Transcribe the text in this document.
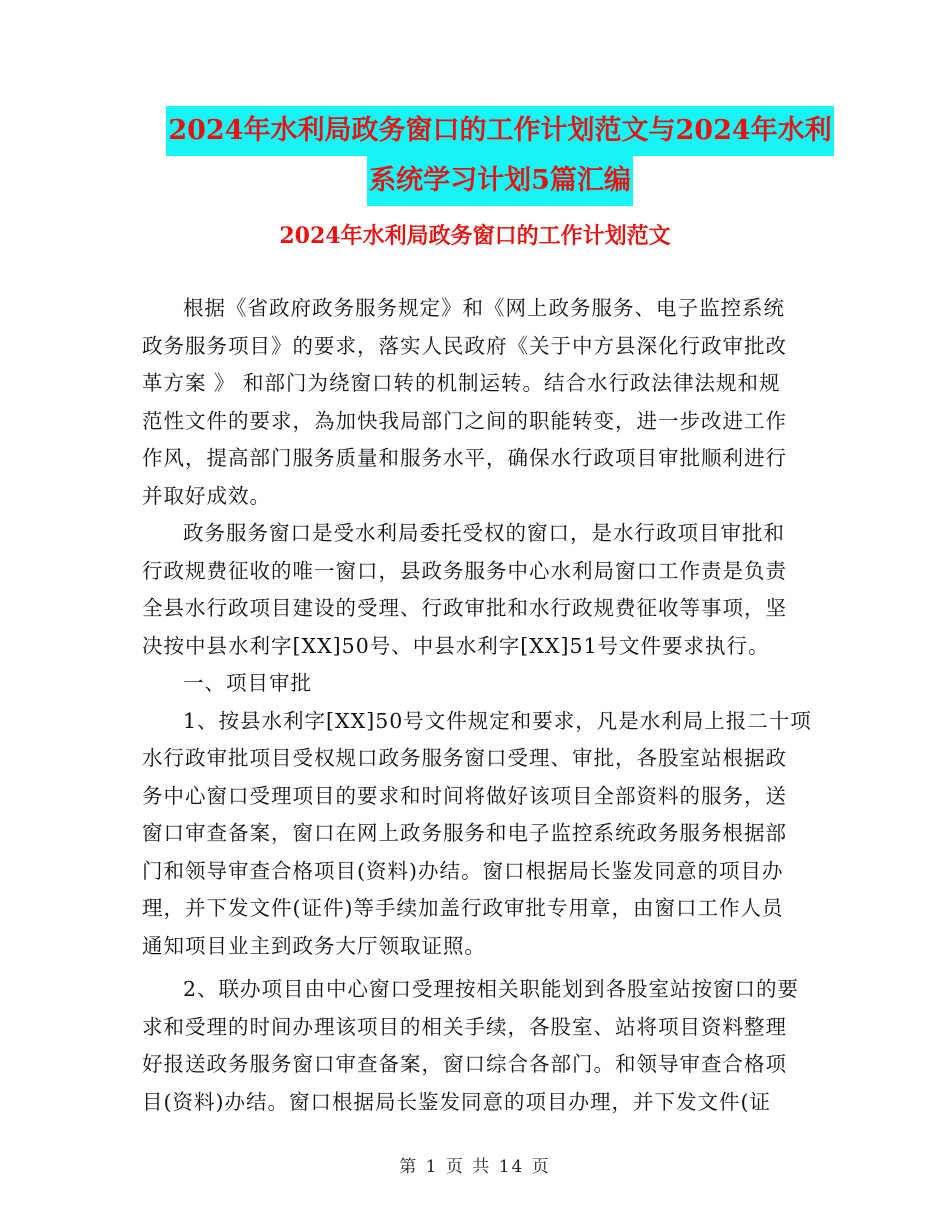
2024年水利局政务窗口的工作计划范文与2024年水利
系统学习计划5篇汇编
2024年水利局政务窗口的工作计划范文
根据《省政府政务服务规定》和《网上政务服务、电子监控系统
政务服务项目》的要求，落实人民政府《关于中方县深化行政审批改
革方案 》 和部门为绕窗口转的机制运转。结合水行政法律法规和规
范性文件的要求，為加快我局部门之间的职能转变，进一步改进工作
作风，提高部门服务质量和服务水平，确保水行政项目审批顺利进行
并取好成效。
政务服务窗口是受水利局委托受权的窗口，是水行政项目审批和
行政规费征收的唯一窗口，县政务服务中心水利局窗口工作责是负责
全县水行政项目建设的受理、行政审批和水行政规费征收等事项，坚
决按中县水利字[XX]50号、中县水利字[XX]51号文件要求执行。
一、项目审批
1、按县水利字[XX]50号文件规定和要求，凡是水利局上报二十项
水行政审批项目受权规口政务服务窗口受理、审批，各股室站根据政
务中心窗口受理项目的要求和时间将做好该项目全部资料的服务，送
窗口审查备案，窗口在网上政务服务和电子监控系统政务服务根据部
门和领导审查合格项目(资料)办结。窗口根据局长鉴发同意的项目办
理，并下发文件(证件)等手续加盖行政审批专用章，由窗口工作人员
通知项目业主到政务大厅领取证照。
2、联办项目由中心窗口受理按相关职能划到各股室站按窗口的要
求和受理的时间办理该项目的相关手续，各股室、站将项目资料整理
好报送政务服务窗口审查备案，窗口综合各部门。和领导审查合格项
目(资料)办结。窗口根据局长鉴发同意的项目办理，并下发文件(证
第 1 页 共 14 页
